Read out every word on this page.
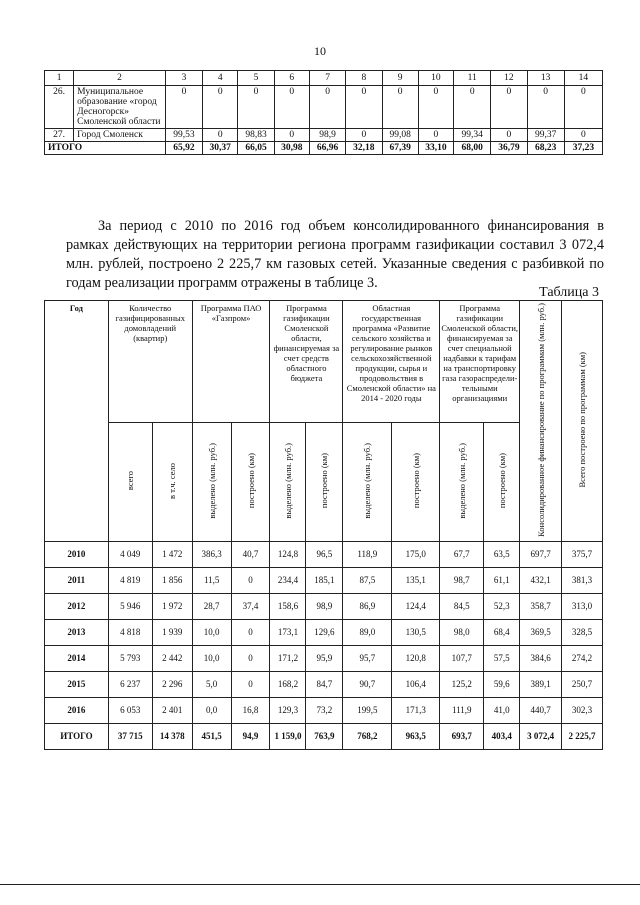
10
1	2	3	4	5	6	7	8	9	10	11	12	13	14
26.	Муниципальное образование «город Десногорск» Смоленской области	0	0	0	0	0	0	0	0	0	0	0	0
27.	Город Смоленск	99,53	0	98,83	0	98,9	0	99,08	0	99,34	0	99,37	0
ИТОГО		65,92	30,37	66,05	30,98	66,96	32,18	67,39	33,10	68,00	36,79	68,23	37,23

За период с 2010 по 2016 год объем консолидированного финансирования в рамках действующих на территории региона программ газификации составил 3 072,4 млн. рублей, построено 2 225,7 км газовых сетей. Указанные сведения с разбивкой по годам реализации программ отражены в таблице 3.

Таблица 3
Год	Количество газифицированных домовладений (квартир)		Программа ПАО «Газпром»		Программа газификации Смоленской области, финансируемая за счет средств областного бюджета		Областная государственная программа «Развитие сельского хозяйства и регулирование рынков сельскохозяйственной продукции, сырья и продовольствия в Смоленской области» на 2014 - 2020 годы		Программа газификации Смоленской области, финансируемая за счет специальной надбавки к тарифам на транспортировку газа газораспредели-тельными организациями		Консолидированное финансирование по программам (млн. руб.)	Всего построено по программам (км)
	всего	в т.ч. село	выделено (млн. руб.)	построено (км)	выделено (млн. руб.)	построено (км)	выделено (млн. руб.)	построено (км)	выделено (млн. руб.)	построено (км)		
2010	4 049	1 472	386,3	40,7	124,8	96,5	118,9	175,0	67,7	63,5	697,7	375,7
2011	4 819	1 856	11,5	0	234,4	185,1	87,5	135,1	98,7	61,1	432,1	381,3
2012	5 946	1 972	28,7	37,4	158,6	98,9	86,9	124,4	84,5	52,3	358,7	313,0
2013	4 818	1 939	10,0	0	173,1	129,6	89,0	130,5	98,0	68,4	369,5	328,5
2014	5 793	2 442	10,0	0	171,2	95,9	95,7	120,8	107,7	57,5	384,6	274,2
2015	6 237	2 296	5,0	0	168,2	84,7	90,7	106,4	125,2	59,6	389,1	250,7
2016	6 053	2 401	0,0	16,8	129,3	73,2	199,5	171,3	111,9	41,0	440,7	302,3
ИТОГО	37 715	14 378	451,5	94,9	1 159,0	763,9	768,2	963,5	693,7	403,4	3 072,4	2 225,7
